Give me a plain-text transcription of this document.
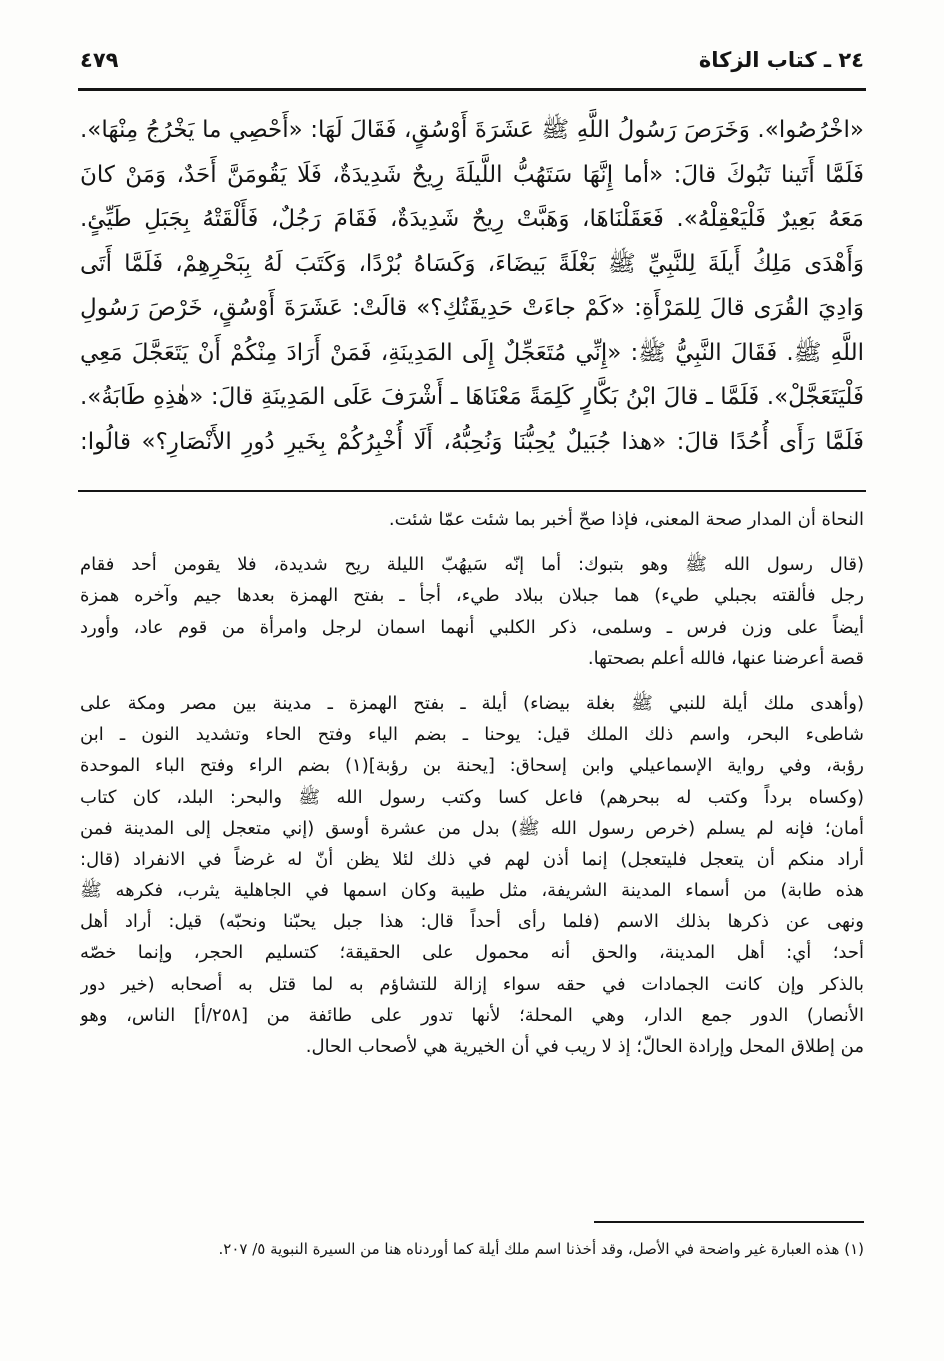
٢٤ ـ كتاب الزكاة
٤٧٩
«اخْرُصُوا». وَخَرَصَ رَسُولُ اللَّهِ ﷺ عَشَرَةَ أَوْسُقٍ، فَقَالَ لَهَا: «أَحْصِي ما يَخْرُجُ مِنْهَا».
فَلَمَّا أَتَينا تَبُوكَ قالَ: «أما إِنَّهَا سَتَهُبُّ اللَّيلَةَ رِيحٌ شَدِيدَةٌ، فَلَا يَقُومَنَّ أَحَدٌ، وَمَنْ كانَ
مَعَهُ بَعِيرٌ فَلْيَعْقِلْهُ». فَعَقَلْنَاهَا، وَهَبَّتْ رِيحٌ شَدِيدَةٌ، فَقَامَ رَجُلٌ، فَأَلْقَتْهُ بِجَبَلِ طَيِّئٍ.
وَأَهْدَى مَلِكُ أَيلَةَ لِلنَّبِيِّ ﷺ بَغْلَةً بَيضَاءَ، وَكَسَاهُ بُرْدًا، وَكَتَبَ لَهُ بِبَحْرِهِمْ، فَلَمَّا أَتَى
وَادِيَ القُرَى قالَ لِلمَرْأَةِ: «كَمْ جاءَتْ حَدِيقَتُكِ؟» قالَتْ: عَشَرَةَ أَوْسُقٍ، خَرْصَ رَسُولِ
اللَّهِ ﷺ. فَقَالَ النَّبِيُّ ﷺ: «إِنِّي مُتَعَجِّلٌ إِلَى المَدِينَةِ، فَمَنْ أَرَادَ مِنْكُمْ أَنْ يَتَعَجَّلَ مَعِي
فَلْيَتَعَجَّلْ». فَلَمَّا ـ قالَ ابْنُ بَكَّارٍ كَلِمَةً مَعْنَاهَا ـ أَشْرَفَ عَلَى المَدِينَةِ قالَ: «هٰذِهِ طَابَةُ».
فَلَمَّا رَأَى أُحُدًا قالَ: «هذا جُبَيلٌ يُحِبُّنَا وَنُحِبُّهُ، أَلَا أُخْبِرُكُمْ بِخَيرِ دُورِ الأَنْصَارِ؟» قالُوا:
النحاة أن المدار صحة المعنى، فإذا صحّ أخبر بما شئت عمّا شئت.
(قال رسول الله ﷺ وهو بتبوك: أما إنّه سَيهُبّ الليلة ريح شديدة، فلا يقومن أحد فقام
رجل فألقته بجبلي طيء) هما جبلان ببلاد طيء، أجأ ـ بفتح الهمزة بعدها جيم وآخره همزة
أيضاً على وزن فرس ـ وسلمى، ذكر الكلبي أنهما اسمان لرجل وامرأة من قوم عاد، وأورد
قصة أعرضنا عنها، فالله أعلم بصحتها.
(وأهدى ملك أيلة للنبي ﷺ بغلة بيضاء) أيلة ـ بفتح الهمزة ـ مدينة بين مصر ومكة على
شاطىء البحر، واسم ذلك الملك قيل: يوحنا ـ بضم الياء وفتح الحاء وتشديد النون ـ ابن
رؤبة، وفي رواية الإسماعيلي وابن إسحاق: [يحنة بن رؤبة](١) بضم الراء وفتح الباء الموحدة
(وكساه برداً وكتب له ببحرهم) فاعل كسا وكتب رسول الله ﷺ والبحر: البلد، كان كتاب
أمان؛ فإنه لم يسلم (خرص رسول الله ﷺ) بدل من عشرة أوسق (إني متعجل إلى المدينة فمن
أراد منكم أن يتعجل فليتعجل) إنما أذن لهم في ذلك لئلا يظن أنّ له غرضاً في الانفراد (قال:
هذه طابة) من أسماء المدينة الشريفة، مثل طيبة وكان اسمها في الجاهلية يثرب، فكرهه ﷺ
ونهى عن ذكرها بذلك الاسم (فلما رأى أحداً قال: هذا جبل يحبّنا ونحبّه) قيل: أراد أهل
أحد؛ أي: أهل المدينة، والحق أنه محمول على الحقيقة؛ كتسليم الحجر، وإنما خصّه
بالذكر وإن كانت الجمادات في حقه سواء إزالة للتشاؤم به لما قتل به أصحابه (خير دور
الأنصار) الدور جمع الدار، وهي المحلة؛ لأنها تدور على طائفة من [٢٥٨/أ] الناس، وهو
من إطلاق المحل وإرادة الحالّ؛ إذ لا ريب في أن الخيرية هي لأصحاب الحال.
(١) هذه العبارة غير واضحة في الأصل، وقد أخذنا اسم ملك أيلة كما أوردناه هنا من السيرة النبوية ٥/ ٢٠٧.
